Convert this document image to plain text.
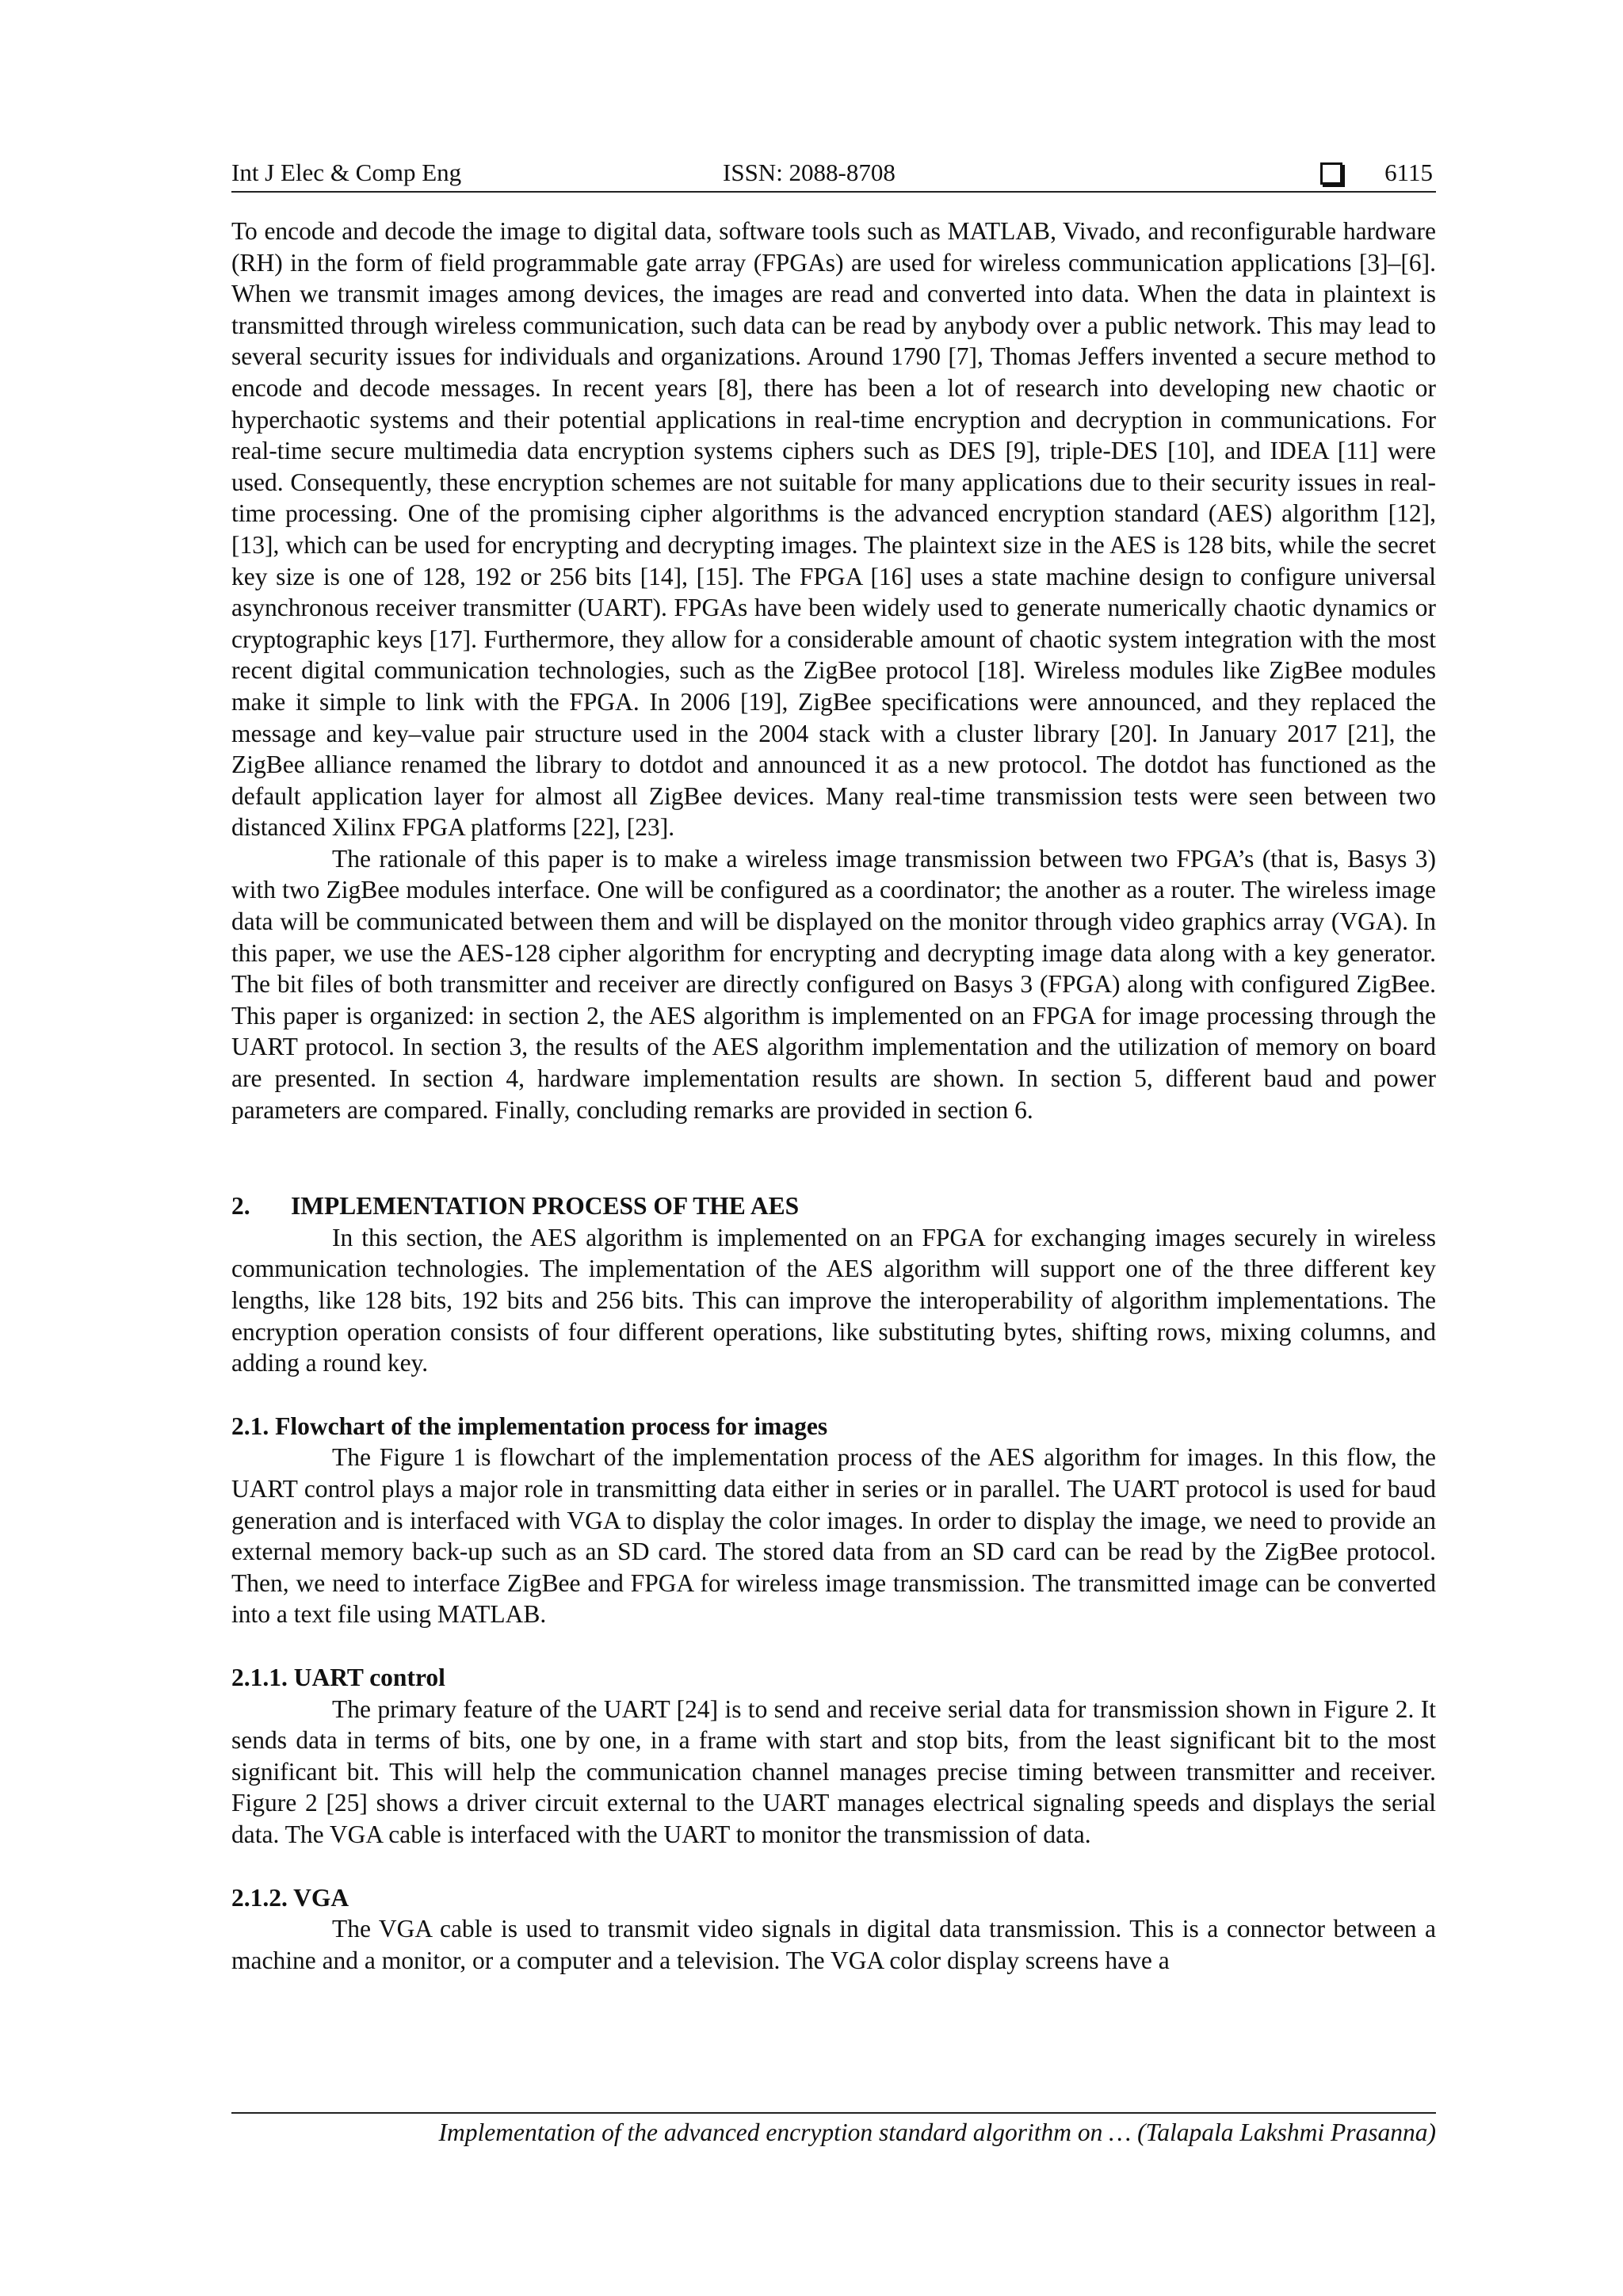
Int J Elec & Comp Eng	ISSN: 2088-8708	6115

To encode and decode the image to digital data, software tools such as MATLAB, Vivado, and reconfigurable hardware (RH) in the form of field programmable gate array (FPGAs) are used for wireless communication applications [3]–[6]. When we transmit images among devices, the images are read and converted into data. When the data in plaintext is transmitted through wireless communication, such data can be read by anybody over a public network. This may lead to several security issues for individuals and organizations. Around 1790 [7], Thomas Jeffers invented a secure method to encode and decode messages. In recent years [8], there has been a lot of research into developing new chaotic or hyperchaotic systems and their potential applications in real-time encryption and decryption in communications. For real-time secure multimedia data encryption systems ciphers such as DES [9], triple-DES [10], and IDEA [11] were used. Consequently, these encryption schemes are not suitable for many applications due to their security issues in real-time processing. One of the promising cipher algorithms is the advanced encryption standard (AES) algorithm [12], [13], which can be used for encrypting and decrypting images. The plaintext size in the AES is 128 bits, while the secret key size is one of 128, 192 or 256 bits [14], [15]. The FPGA [16] uses a state machine design to configure universal asynchronous receiver transmitter (UART). FPGAs have been widely used to generate numerically chaotic dynamics or cryptographic keys [17]. Furthermore, they allow for a considerable amount of chaotic system integration with the most recent digital communication technologies, such as the ZigBee protocol [18]. Wireless modules like ZigBee modules make it simple to link with the FPGA. In 2006 [19], ZigBee specifications were announced, and they replaced the message and key–value pair structure used in the 2004 stack with a cluster library [20]. In January 2017 [21], the ZigBee alliance renamed the library to dotdot and announced it as a new protocol. The dotdot has functioned as the default application layer for almost all ZigBee devices. Many real-time transmission tests were seen between two distanced Xilinx FPGA platforms [22], [23].

The rationale of this paper is to make a wireless image transmission between two FPGA’s (that is, Basys 3) with two ZigBee modules interface. One will be configured as a coordinator; the another as a router. The wireless image data will be communicated between them and will be displayed on the monitor through video graphics array (VGA). In this paper, we use the AES-128 cipher algorithm for encrypting and decrypting image data along with a key generator. The bit files of both transmitter and receiver are directly configured on Basys 3 (FPGA) along with configured ZigBee. This paper is organized: in section 2, the AES algorithm is implemented on an FPGA for image processing through the UART protocol. In section 3, the results of the AES algorithm implementation and the utilization of memory on board are presented. In section 4, hardware implementation results are shown. In section 5, different baud and power parameters are compared. Finally, concluding remarks are provided in section 6.

2. IMPLEMENTATION PROCESS OF THE AES

In this section, the AES algorithm is implemented on an FPGA for exchanging images securely in wireless communication technologies. The implementation of the AES algorithm will support one of the three different key lengths, like 128 bits, 192 bits and 256 bits. This can improve the interoperability of algorithm implementations. The encryption operation consists of four different operations, like substituting bytes, shifting rows, mixing columns, and adding a round key.

2.1. Flowchart of the implementation process for images

The Figure 1 is flowchart of the implementation process of the AES algorithm for images. In this flow, the UART control plays a major role in transmitting data either in series or in parallel. The UART protocol is used for baud generation and is interfaced with VGA to display the color images. In order to display the image, we need to provide an external memory back-up such as an SD card. The stored data from an SD card can be read by the ZigBee protocol. Then, we need to interface ZigBee and FPGA for wireless image transmission. The transmitted image can be converted into a text file using MATLAB.

2.1.1. UART control

The primary feature of the UART [24] is to send and receive serial data for transmission shown in Figure 2. It sends data in terms of bits, one by one, in a frame with start and stop bits, from the least significant bit to the most significant bit. This will help the communication channel manages precise timing between transmitter and receiver. Figure 2 [25] shows a driver circuit external to the UART manages electrical signaling speeds and displays the serial data. The VGA cable is interfaced with the UART to monitor the transmission of data.

2.1.2. VGA

The VGA cable is used to transmit video signals in digital data transmission. This is a connector between a machine and a monitor, or a computer and a television. The VGA color display screens have a

Implementation of the advanced encryption standard algorithm on … (Talapala Lakshmi Prasanna)
